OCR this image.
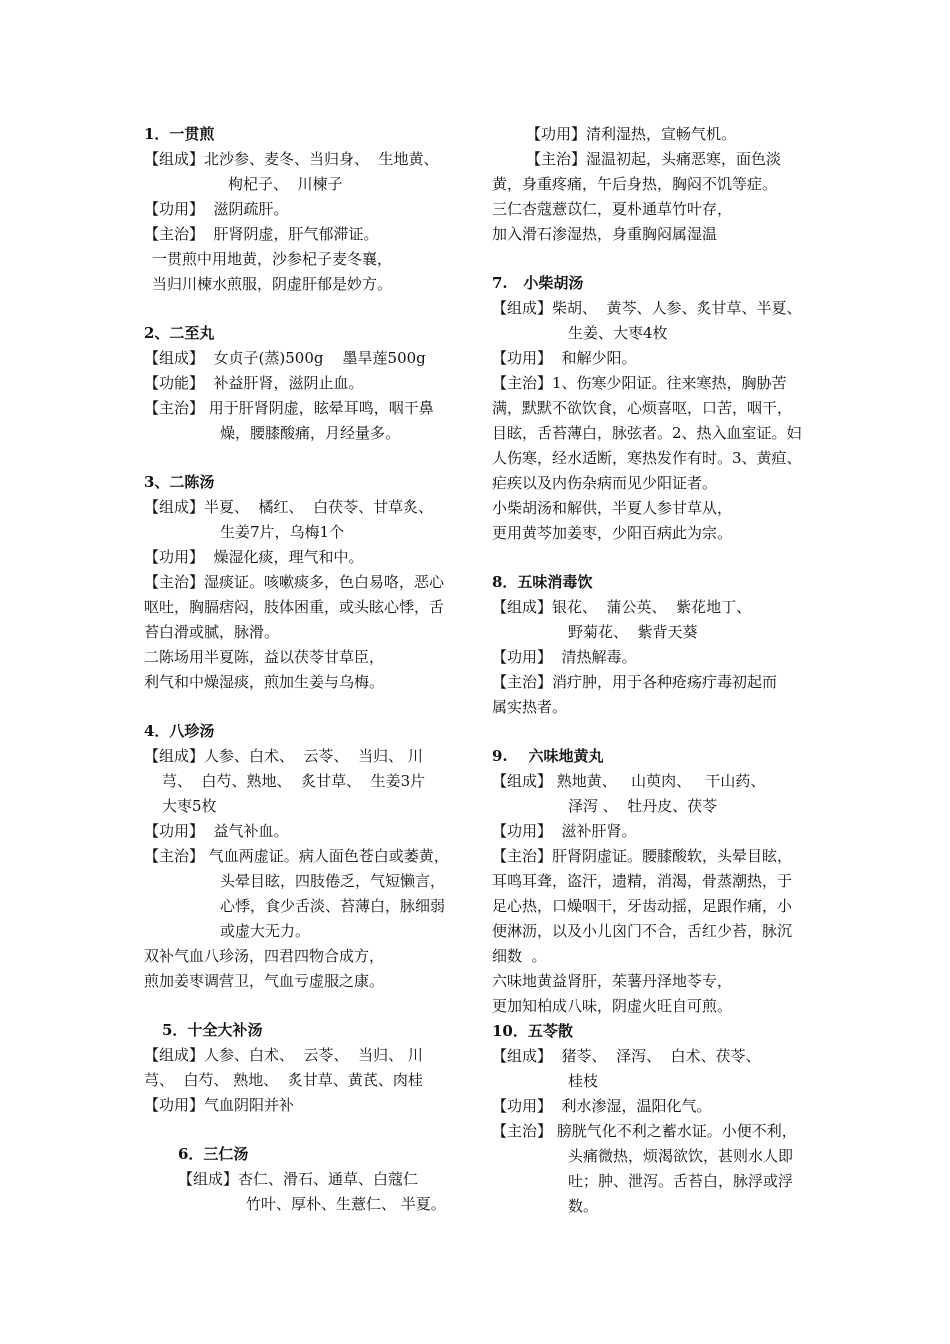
1．一贯煎
【组成】北沙参、麦冬、当归身、  生地黄、
枸杞子、  川楝子
【功用】  滋阴疏肝。
【主治】  肝肾阴虚，肝气郁滞证。
一贯煎中用地黄，沙参杞子麦冬襄，
当归川楝水煎服，阴虚肝郁是妙方。
2、二至丸
【组成】  女贞子(蒸)500g    墨旱莲500g
【功能】  补益肝肾，滋阴止血。
【主治】 用于肝肾阴虚，眩晕耳鸣，咽干鼻
燥，腰膝酸痛，月经量多。
3、二陈汤
【组成】半夏、  橘红、  白茯苓、甘草炙、
生姜7片，乌梅1个
【功用】  燥湿化痰，理气和中。
【主治】湿痰证。咳嗽痰多，色白易咯，恶心
呕吐，胸膈痞闷，肢体困重，或头眩心悸，舌
苔白滑或腻，脉滑。
二陈场用半夏陈，益以茯苓甘草臣，
利气和中燥湿痰，煎加生姜与乌梅。
4．八珍汤
【组成】人参、白术、  云苓、  当归、 川
芎、  白芍、熟地、  炙甘草、  生姜3片
大枣5枚
【功用】  益气补血。
【主治】 气血两虚证。病人面色苍白或萎黄，
头晕目眩，四肢倦乏，气短懒言，
心悸，食少舌淡、苔薄白，脉细弱
或虚大无力。
双补气血八珍汤，四君四物合成方，
煎加姜枣调营卫，气血亏虚服之康。
5．十全大补汤
【组成】人参、白术、  云苓、  当归、 川
芎、  白芍、 熟地、  炙甘草、黄芪、肉桂
【功用】气血阴阳并补
6．三仁汤
【组成】杏仁、滑石、通草、白蔻仁
竹叶、厚朴、生薏仁、 半夏。
【功用】清利湿热，宣畅气机。
【主治】湿温初起，头痛恶寒，面色淡
黄，身重疼痛，午后身热，胸闷不饥等症。
三仁杏蔻薏苡仁，夏朴通草竹叶存，
加入滑石渗湿热，身重胸闷属湿温
7.   小柴胡汤
【组成】柴胡、  黄芩、人参、炙甘草、半夏、
生姜、大枣4枚
【功用】  和解少阳。
【主治】1、伤寒少阳证。往来寒热，胸胁苦
满，默默不欲饮食，心烦喜呕，口苦，咽干，
目眩，舌苔薄白，脉弦者。2、热入血室证。妇
人伤寒，经水适断，寒热发作有时。3、黄疸、
疟疾以及内伤杂病而见少阳证者。
小柴胡汤和解供，半夏人参甘草从，
更用黄芩加姜枣，少阳百病此为宗。
8．五味消毒饮
【组成】银花、  蒲公英、  紫花地丁、
野菊花、  紫背天葵
【功用】  清热解毒。
【主治】消疔肿，用于各种疮疡疔毒初起而
属实热者。
9.    六味地黄丸
【组成】 熟地黄、   山萸肉、   干山药、
泽泻 、  牡丹皮、茯苓
【功用】  滋补肝肾。
【主治】肝肾阴虚证。腰膝酸软，头晕目眩，
耳鸣耳聋，盗汗，遗精，消渴，骨蒸潮热，于
足心热，口燥咽干，牙齿动摇，足跟作痛，小
便淋沥，以及小儿囟门不合，舌红少苔，脉沉
细数  。
六味地黄益肾肝，茱薯丹泽地苓专，
更加知柏成八味，阴虚火旺自可煎。
10．五苓散
【组成】  猪苓、  泽泻、  白术、茯苓、
桂枝
【功用】  利水渗湿，温阳化气。
【主治】 膀胱气化不利之蓄水证。小便不利，
头痛微热，烦渴欲饮，甚则水人即
吐；肿、泄泻。舌苔白，脉浮或浮
数。
